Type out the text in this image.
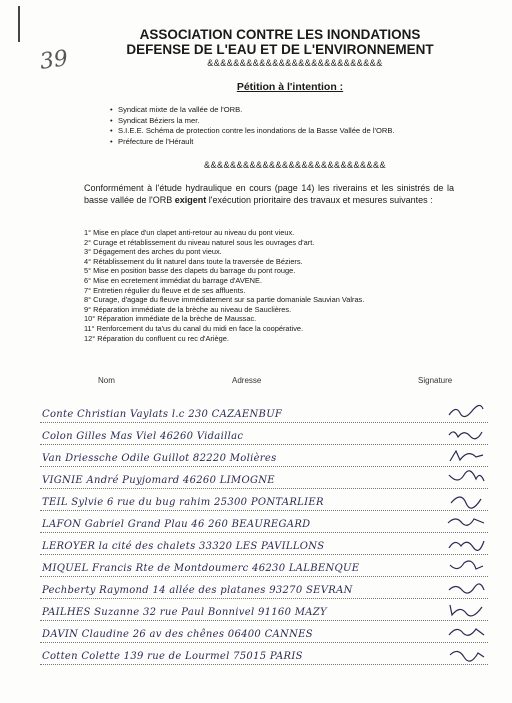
39
ASSOCIATION CONTRE LES INONDATIONS
DEFENSE DE L'EAU ET DE L'ENVIRONNEMENT
&&&&&&&&&&&&&&&&&&&&&&&&&&&
Pétition à l'intention :
• Syndicat mixte de la vallée de l'ORB.
• Syndicat Béziers la mer.
• S.I.E.E. Schéma de protection contre les inondations de la Basse Vallée de l'ORB.
• Préfecture de l'Hérault
&&&&&&&&&&&&&&&&&&&&&&&&&&&&
Conformément à l'étude hydraulique en cours (page 14) les riverains et les sinistrés de la basse vallée de l'ORB exigent l'exécution prioritaire des travaux et mesures suivantes :
1° Mise en place d'un clapet anti-retour au niveau du pont vieux.
2° Curage et rétablissement du niveau naturel sous les ouvrages d'art.
3° Dégagement des arches du pont vieux.
4° Rétablissement du lit naturel dans toute la traversée de Béziers.
5° Mise en position basse des clapets du barrage du pont rouge.
6° Mise en ecretement immédiat du barrage d'AVENE.
7° Entretien régulier du fleuve et de ses affluents.
8° Curage, d'agage du fleuve immédiatement sur sa partie domaniale Sauvian Valras.
9° Réparation immédiate de la brèche au niveau de Sauclières.
10° Réparation immédiate de la brèche de Maussac.
11° Renforcement du ta'us du canal du midi en face la coopérative.
12° Réparation du confluent cu rec d'Ariège.
Nom	Adresse	Signature
Conte Christian Vaylats l.c 230 CAZAENBUF
Colon Gilles Mas Viel 46260 Vidaillac
Van Driessche Odile Guillot 82220 Molières
VIGNIE André Puyjomard 46260 LIMOGNE
TEIL Sylvie 6 rue du bug rahim 25300 PONTARLIER
LAFON Gabriel Grand Plau 46 260 BEAUREGARD
LEROYER la cité des chalets 33320 LES PAVILLONS
MIQUEL Francis Rte de Montdoumerc 46230 LALBENQUE
Pechberty Raymond 14 allée des platanes 93270 SEVRAN
PAILHES Suzanne 32 rue Paul Bonnivel 91160 MAZY
DAVIN Claudine 26 av des chênes 06400 CANNES
Cotten Colette 139 rue de Lourmel 75015 PARIS
